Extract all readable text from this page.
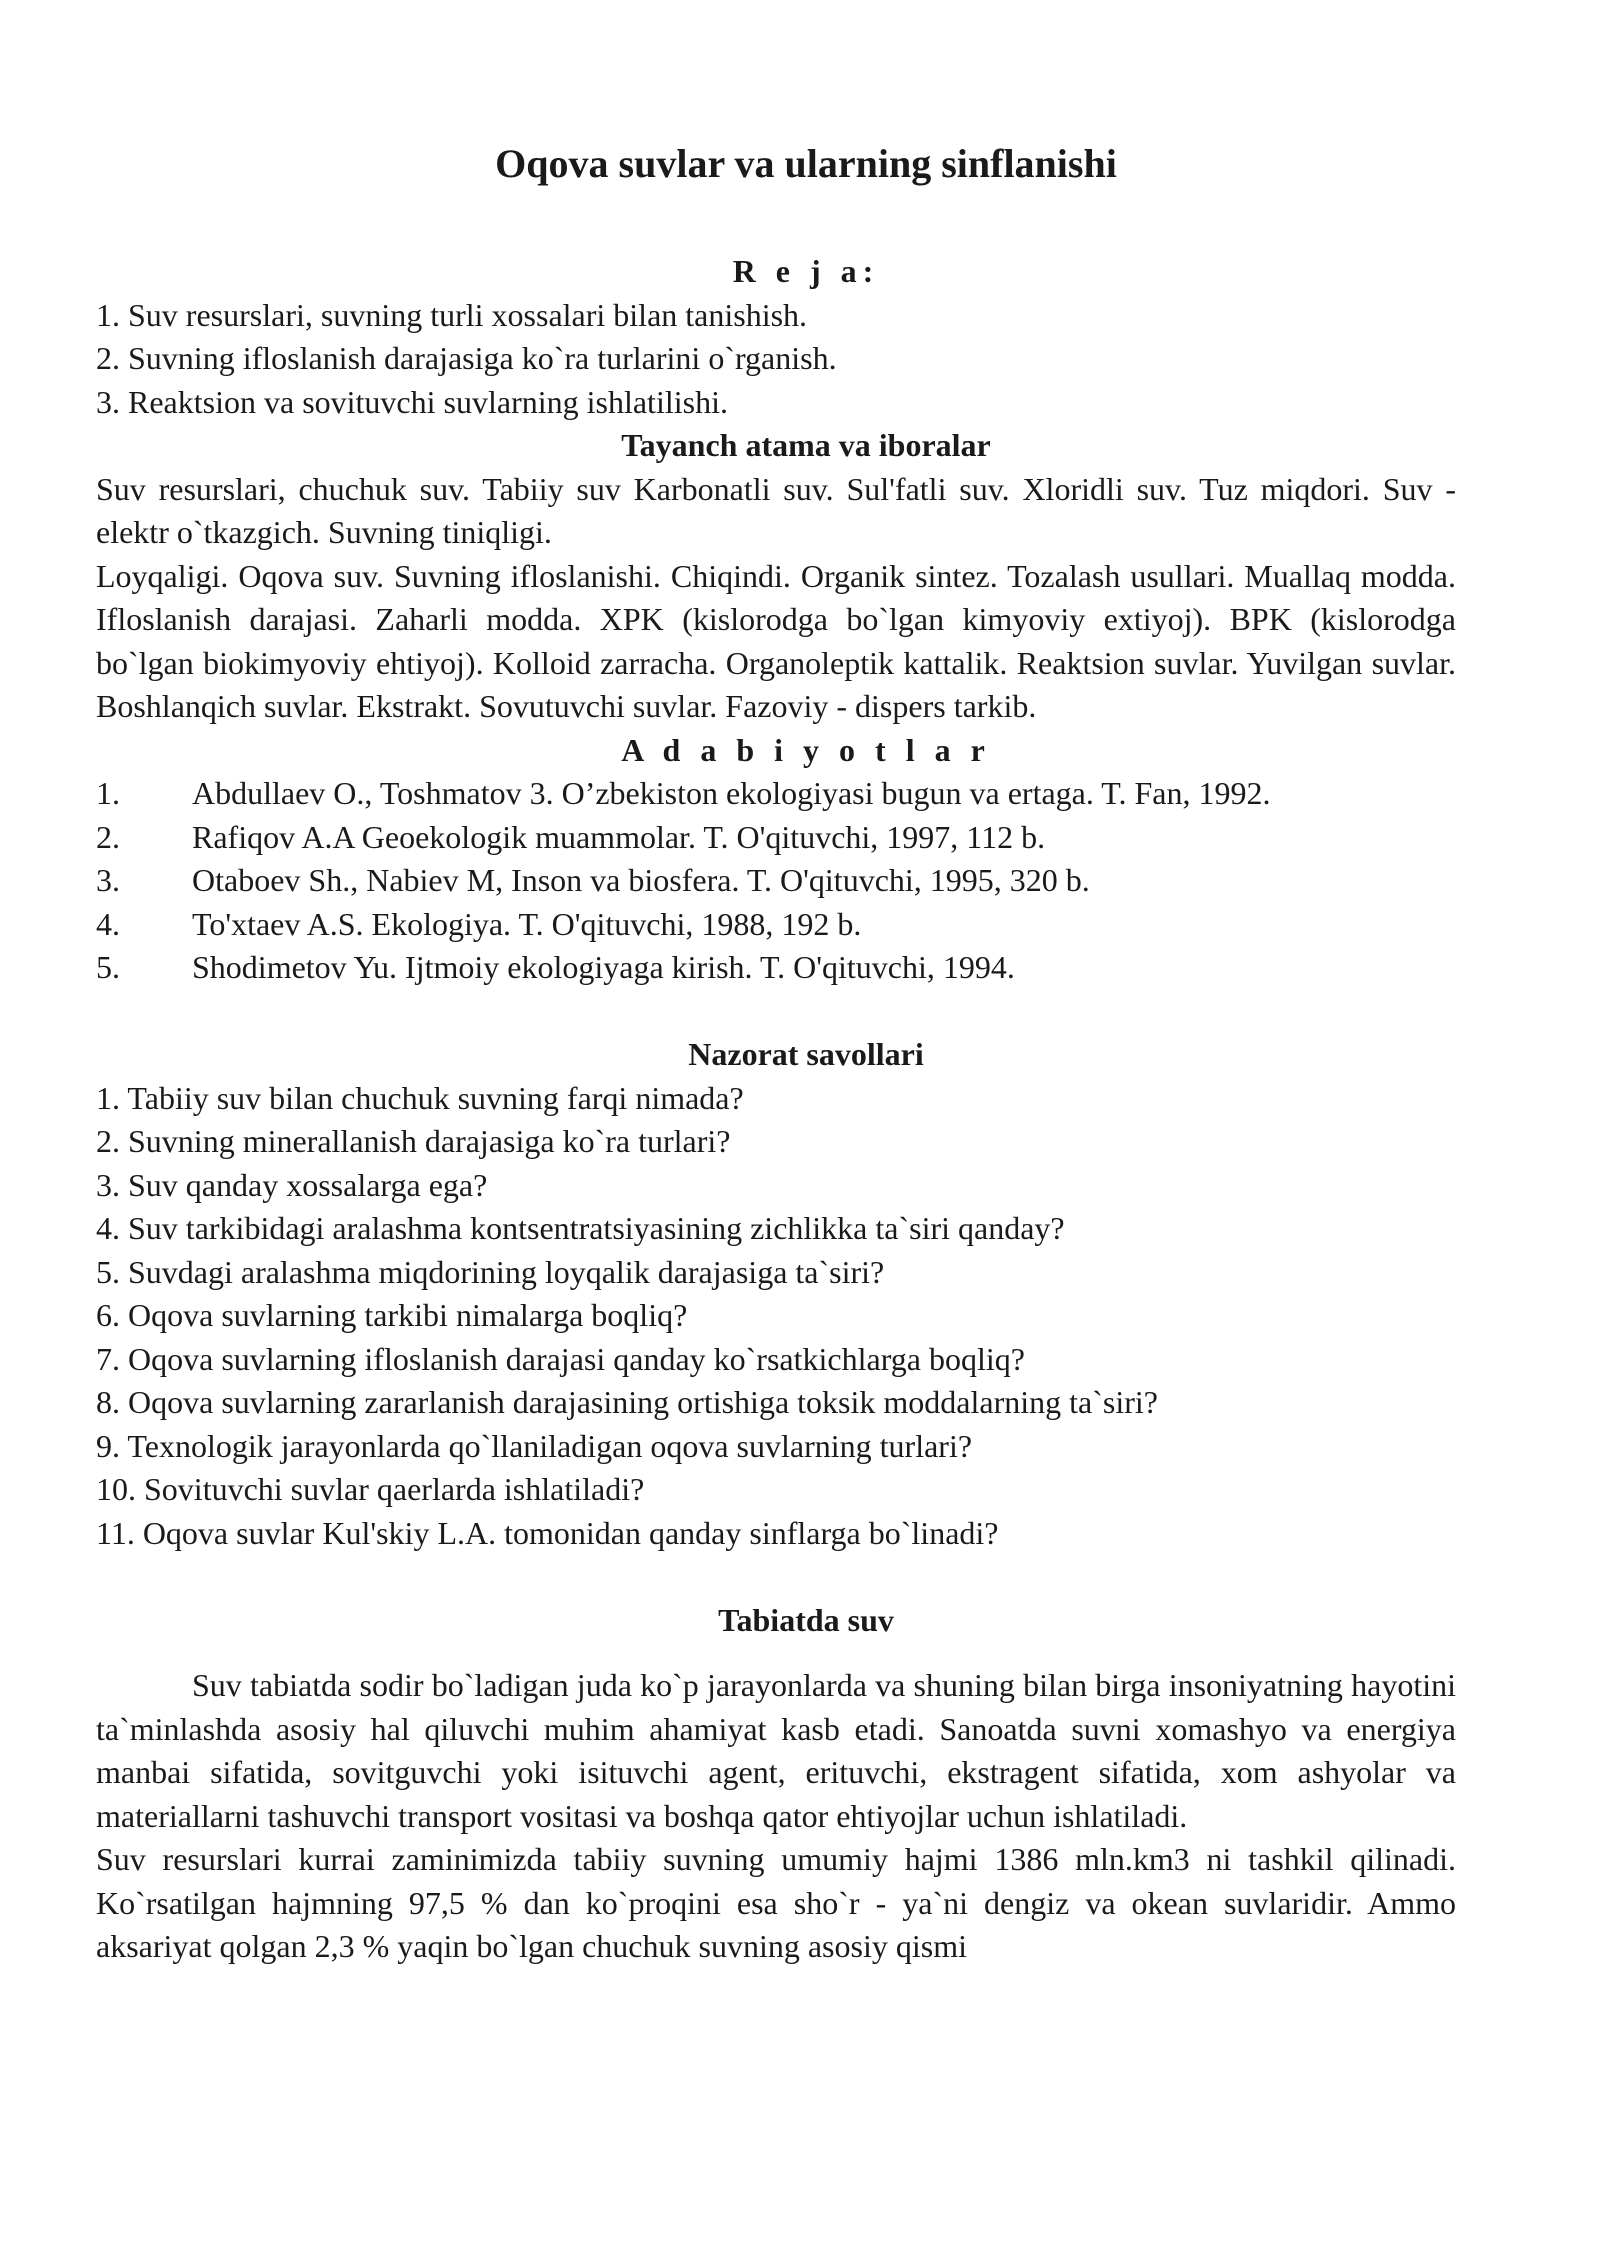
Oqova suvlar va ularning sinflanishi
R e j a:

1. Suv resurslari, suvning turli xossalari bilan tanishish.

2. Suvning ifloslanish darajasiga ko`ra turlarini o`rganish.

3. Reaktsion va sovituvchi suvlarning ishlatilishi.

Tayanch atama va iboralar

Suv resurslari, chuchuk suv. Tabiiy suv Karbonatli suv. Sul'fatli suv. Xloridli suv. Tuz miqdori. Suv - elektr o`tkazgich. Suvning tiniqligi.

Loyqaligi. Oqova suv. Suvning ifloslanishi. Chiqindi. Organik sintez. Tozalash usullari. Muallaq modda. Ifloslanish darajasi. Zaharli modda. XPK (kislorodga bo`lgan kimyoviy extiyoj). BPK (kislorodga bo`lgan biokimyoviy ehtiyoj). Kolloid zarracha. Organoleptik kattalik. Reaktsion suvlar. Yuvilgan suvlar. Boshlanqich suvlar. Ekstrakt. Sovutuvchi suvlar. Fazoviy - dispers tarkib.

A d a b i y o t l a r

1. Abdullaev O., Toshmatov 3. O’zbekiston ekologiyasi bugun va ertaga. T. Fan, 1992.

2.	Rafiqov A.A Geoekologik muammolar. T. O'qituvchi, 1997, 112 b.
3.	Otaboev Sh., Nabiev M, Inson va biosfera. T. O'qituvchi, 1995, 320 b.
4.	To'xtaev A.S. Ekologiya. T. O'qituvchi, 1988, 192 b.
5.	Shodimetov Yu. Ijtmoiy ekologiyaga kirish. T. O'qituvchi, 1994.
Nazorat savollari

1. Tabiiy suv bilan chuchuk suvning farqi nimada?

2. Suvning minerallanish darajasiga ko`ra turlari?

3. Suv qanday xossalarga ega?

4. Suv tarkibidagi aralashma kontsentratsiyasining zichlikka ta`siri qanday?

5. Suvdagi aralashma miqdorining loyqalik darajasiga ta`siri?

6. Oqova suvlarning tarkibi nimalarga boqliq?

7. Oqova suvlarning ifloslanish darajasi qanday ko`rsatkichlarga boqliq?

8. Oqova suvlarning zararlanish darajasining ortishiga toksik moddalarning ta`siri?

9. Texnologik jarayonlarda qo`llaniladigan oqova suvlarning turlari?

10. Sovituvchi suvlar qaerlarda ishlatiladi?

11. Oqova suvlar Kul'skiy L.A. tomonidan qanday sinflarga bo`linadi?

Tabiatda suv

Suv tabiatda sodir bo`ladigan juda ko`p jarayonlarda va shuning bilan birga insoniyatning hayotini ta`minlashda asosiy hal qiluvchi muhim ahamiyat kasb etadi. Sanoatda suvni xomashyo va energiya manbai sifatida, sovitguvchi yoki isituvchi agent, erituvchi, ekstragent sifatida, xom ashyolar va materiallarni tashuvchi transport vositasi va boshqa qator ehtiyojlar uchun ishlatiladi.

Suv resurslari kurrai zaminimizda tabiiy suvning umumiy hajmi 1386 mln.km3 ni tashkil qilinadi. Ko`rsatilgan hajmning 97,5 % dan ko`proqini esa sho`r - ya`ni dengiz va okean suvlaridir. Ammo aksariyat qolgan 2,3 % yaqin bo`lgan chuchuk suvning asosiy qismi
